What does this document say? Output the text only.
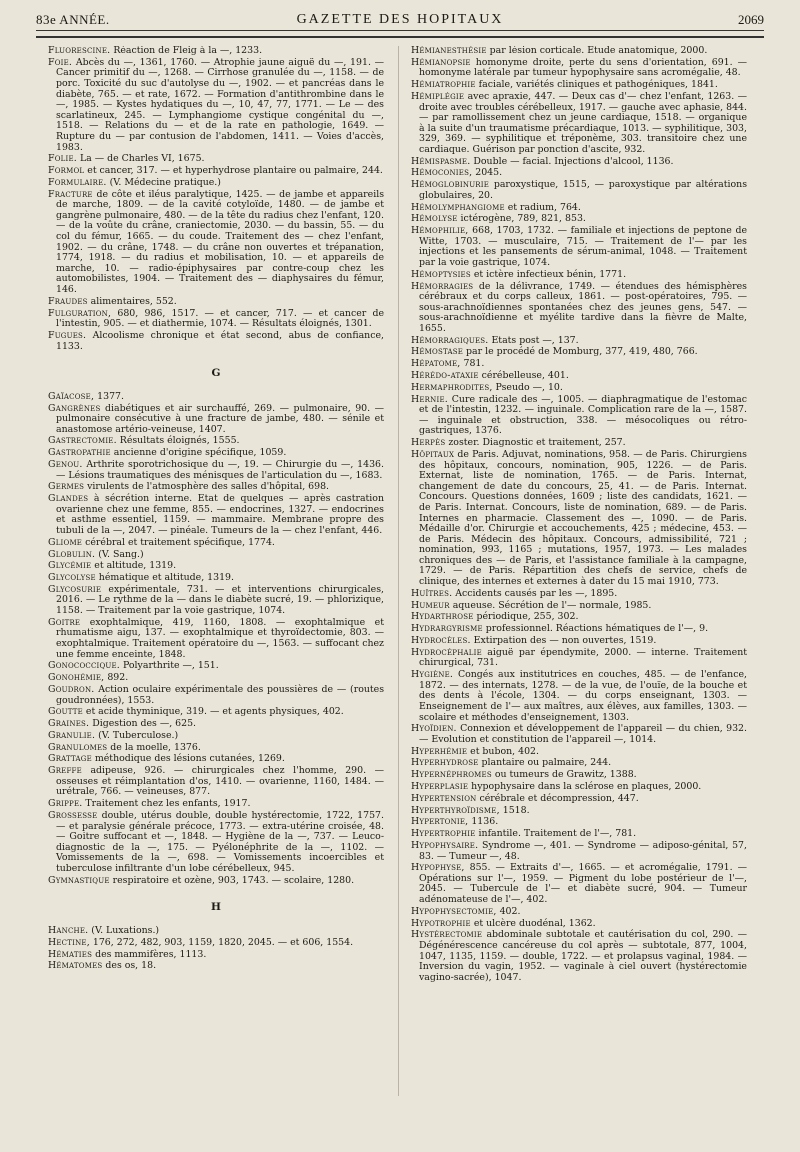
83e ANNÉE.	GAZETTE DES HOPITAUX	2069

Fluorescine. Réaction de Fleig à la —, 1233.

Foie. Abcès du —, 1361, 1760. — Atrophie jaune aiguë du —, 191. — Cancer primitif du —, 1268. — Cirrhose granulée du —, 1158. — de porc. Toxicité du suc d'autolyse du —, 1902. — et pancréas dans le diabète, 765. — et rate, 1672. — Formation d'antithrombine dans le —, 1985. — Kystes hydatiques du —, 10, 47, 77, 1771. — Le — des scarlatineux, 245. — Lymphangiome cystique congénital du —, 1518. — Relations du — et de la rate en pathologie, 1649. — Rupture du — par contusion de l'abdomen, 1411. — Voies d'accès, 1983.

Folie. La — de Charles VI, 1675.

Formol et cancer, 317. — et hyperhydrose plantaire ou palmaire, 244.

Formulaire. (V. Médecine pratique.)

Fracture de côte et iléus paralytique, 1425. — de jambe et appareils de marche, 1809. — de la cavité cotyloïde, 1480. — de jambe et gangrène pulmonaire, 480. — de la tête du radius chez l'enfant, 120. — de la voûte du crâne, craniectomie, 2030. — du bassin, 55. — du col du fémur, 1665. — du coude. Traitement des — chez l'enfant, 1902. — du crâne, 1748. — du crâne non ouvertes et trépanation, 1774, 1918. — du radius et mobilisation, 10. — et appareils de marche, 10. — radio-épiphysaires par contre-coup chez les automobilistes, 1904. — Traitement des — diaphysaires du fémur, 146.

Fraudes alimentaires, 552.

Fulguration, 680, 986, 1517. — et cancer, 717. — et cancer de l'intestin, 905. — et diathermie, 1074. — Résultats éloignés, 1301.

Fugues. Alcoolisme chronique et état second, abus de confiance, 1133.

G

Gaïacose, 1377.

Gangrènes diabétiques et air surchauffé, 269. — pulmonaire, 90. — pulmonaire consécutive à une fracture de jambe, 480. — sénile et anastomose artério-veineuse, 1407.

Gastrectomie. Résultats éloignés, 1555.

Gastropathie ancienne d'origine spécifique, 1059.

Genou. Arthrite sporotrichosique du —, 19. — Chirurgie du —, 1436. — Lésions traumatiques des ménisques de l'articulation du —, 1683.

Germes virulents de l'atmosphère des salles d'hôpital, 698.

Glandes à sécrétion interne. Etat de quelques — après castration ovarienne chez une femme, 855. — endocrines, 1327. — endocrines et asthme essentiel, 1159. — mammaire. Membrane propre des tubuli de la —, 2047. — pinéale. Tumeurs de la — chez l'enfant, 446.

Gliome cérébral et traitement spécifique, 1774.

Globulin. (V. Sang.)

Glycémie et altitude, 1319.

Glycolyse hématique et altitude, 1319.

Glycosurie expérimentale, 731. — et interventions chirurgicales, 2016. — Le rythme de la — dans le diabète sucré, 19. — phlorizique, 1158. — Traitement par la voie gastrique, 1074.

Goitre exophtalmique, 419, 1160, 1808. — exophtalmique et rhumatisme aigu, 137. — exophtalmique et thyroïdectomie, 803. — exophtalmique. Traitement opératoire du —, 1563. — suffocant chez une femme enceinte, 1848.

Gonococcique. Polyarthrite —, 151.

Gonohémie, 892.

Goudron. Action oculaire expérimentale des poussières de — (routes goudronnées), 1553.

Goutte et acide thyminique, 319. — et agents physiques, 402.

Graines. Digestion des —, 625.

Granulie. (V. Tuberculose.)

Granulomes de la moelle, 1376.

Grattage méthodique des lésions cutanées, 1269.

Greffe adipeuse, 926. — chirurgicales chez l'homme, 290. — osseuses et réimplantation d'os, 1410. — ovarienne, 1160, 1484. — urétrale, 766. — veineuses, 877.

Grippe. Traitement chez les enfants, 1917.

Grossesse double, utérus double, double hystérectomie, 1722, 1757. — et paralysie générale précoce, 1773. — extra-utérine croisée, 48. — Goitre suffocant et —, 1848. — Hygiène de la —, 737. — Leuco-diagnostic de la —, 175. — Pyélonéphrite de la —, 1102. — Vomissements de la —, 698. — Vomissements incoercibles et tuberculose infiltrante d'un lobe cérébelleux, 945.

Gymnastique respiratoire et ozène, 903, 1743. — scolaire, 1280.

H

Hanche. (V. Luxations.)

Hectine, 176, 272, 482, 903, 1159, 1820, 2045. — et 606, 1554.

Hématies des mammifères, 1113.

Hématomes des os, 18.

Hémianesthésie par lésion corticale. Etude anatomique, 2000.

Hémianopsie homonyme droite, perte du sens d'orientation, 691. — homonyme latérale par tumeur hypophysaire sans acromégalie, 48.

Hémiatrophie faciale, variétés cliniques et pathogéniques, 1841.

Hémiplégie avec apraxie, 447. — Deux cas d'— chez l'enfant, 1263. — droite avec troubles cérébelleux, 1917. — gauche avec aphasie, 844. — par ramollissement chez un jeune cardiaque, 1518. — organique à la suite d'un traumatisme précardiaque, 1013. — syphilitique, 303, 329, 369. — syphilitique et tréponème, 303. transitoire chez une cardiaque. Guérison par ponction d'ascite, 932.

Hémispasme. Double — facial. Injections d'alcool, 1136.

Hémoconies, 2045.

Hémoglobinurie paroxystique, 1515, — paroxystique par altérations globulaires, 20.

Hémolymphangiome et radium, 764.

Hémolyse ictérogène, 789, 821, 853.

Hémophilie, 668, 1703, 1732. — familiale et injections de peptone de Witte, 1703. — musculaire, 715. — Traitement de l'— par les injections et les pansements de sérum-animal, 1048. — Traitement par la voie gastrique, 1074.

Hémoptysies et ictère infectieux bénin, 1771.

Hémorragies de la délivrance, 1749. — étendues des hémisphères cérébraux et du corps calleux, 1861. — post-opératoires, 795. — sous-arachnoïdiennes spontanées chez des jeunes gens, 547. — sous-arachnoïdienne et myélite tardive dans la fièvre de Malte, 1655.

Hémorragiques. Etats post —, 137.

Hémostase par le procédé de Momburg, 377, 419, 480, 766.

Hépatome, 781.

Hérédo-ataxie cérébelleuse, 401.

Hermaphrodites, Pseudo —, 10.

Hernie. Cure radicale des —, 1005. — diaphragmatique de l'estomac et de l'intestin, 1232. — inguinale. Complication rare de la —, 1587. — inguinale et obstruction, 338. — mésocoliques ou rétro-gastriques, 1376.

Herpès zoster. Diagnostic et traitement, 257.

Hôpitaux de Paris. Adjuvat, nominations, 958. — de Paris. Chirurgiens des hôpitaux, concours, nomination, 905, 1226. — de Paris. Externat, liste de nomination, 1765. — de Paris. Internat, changement de date du concours, 25, 41. — de Paris. Internat. Concours. Questions données, 1609 ; liste des candidats, 1621. — de Paris. Internat. Concours, liste de nomination, 689. — de Paris. Internes en pharmacie. Classement des —, 1090. — de Paris. Médaille d'or. Chirurgie et accouchements, 425 ; médecine, 453. — de Paris. Médecin des hôpitaux. Concours, admissibilité, 721 ; nomination, 993, 1165 ; mutations, 1957, 1973. — Les malades chroniques des — de Paris, et l'assistance familiale à la campagne, 1729. — de Paris. Répartition des chefs de service, chefs de clinique, des internes et externes à dater du 15 mai 1910, 773.

Huîtres. Accidents causés par les —, 1895.

Humeur aqueuse. Sécrétion de l'— normale, 1985.

Hydarthrose périodique, 255, 302.

Hydrargyrisme professionnel. Réactions hématiques de l'—, 9.

Hydrocèles. Extirpation des — non ouvertes, 1519.

Hydrocéphalie aiguë par épendymite, 2000. — interne. Traitement chirurgical, 731.

Hygiène. Congés aux institutrices en couches, 485. — de l'enfance, 1872. — des internats, 1278. — de la vue, de l'ouïe, de la bouche et des dents à l'école, 1304. — du corps enseignant, 1303. — Enseignement de l'— aux maîtres, aux élèves, aux familles, 1303. — scolaire et méthodes d'enseignement, 1303.

Hyoïdien. Connexion et développement de l'appareil — du chien, 932. — Evolution et constitution de l'appareil —, 1014.

Hyperhémie et bubon, 402.

Hyperhydrose plantaire ou palmaire, 244.

Hypernéphromes ou tumeurs de Grawitz, 1388.

Hyperplasie hypophysaire dans la sclérose en plaques, 2000.

Hypertension cérébrale et décompression, 447.

Hyperthyroïdisme, 1518.

Hypertonie, 1136.

Hypertrophie infantile. Traitement de l'—, 781.

Hypophysaire. Syndrome —, 401. — Syndrome — adiposo-génital, 57, 83. — Tumeur —, 48.

Hypophyse, 855. — Extraits d'—, 1665. — et acromégalie, 1791. — Opérations sur l'—, 1959. — Pigment du lobe postérieur de l'—, 2045. — Tubercule de l'— et diabète sucré, 904. — Tumeur adénomateuse de l'—, 402.

Hypophysectomie, 402.

Hypotrophie et ulcère duodénal, 1362.

Hystérectomie abdominale subtotale et cautérisation du col, 290. — Dégénérescence cancéreuse du col après — subtotale, 877, 1004, 1047, 1135, 1159. — double, 1722. — et prolapsus vaginal, 1984. — Inversion du vagin, 1952. — vaginale à ciel ouvert (hystérectomie vagino-sacrée), 1047.
